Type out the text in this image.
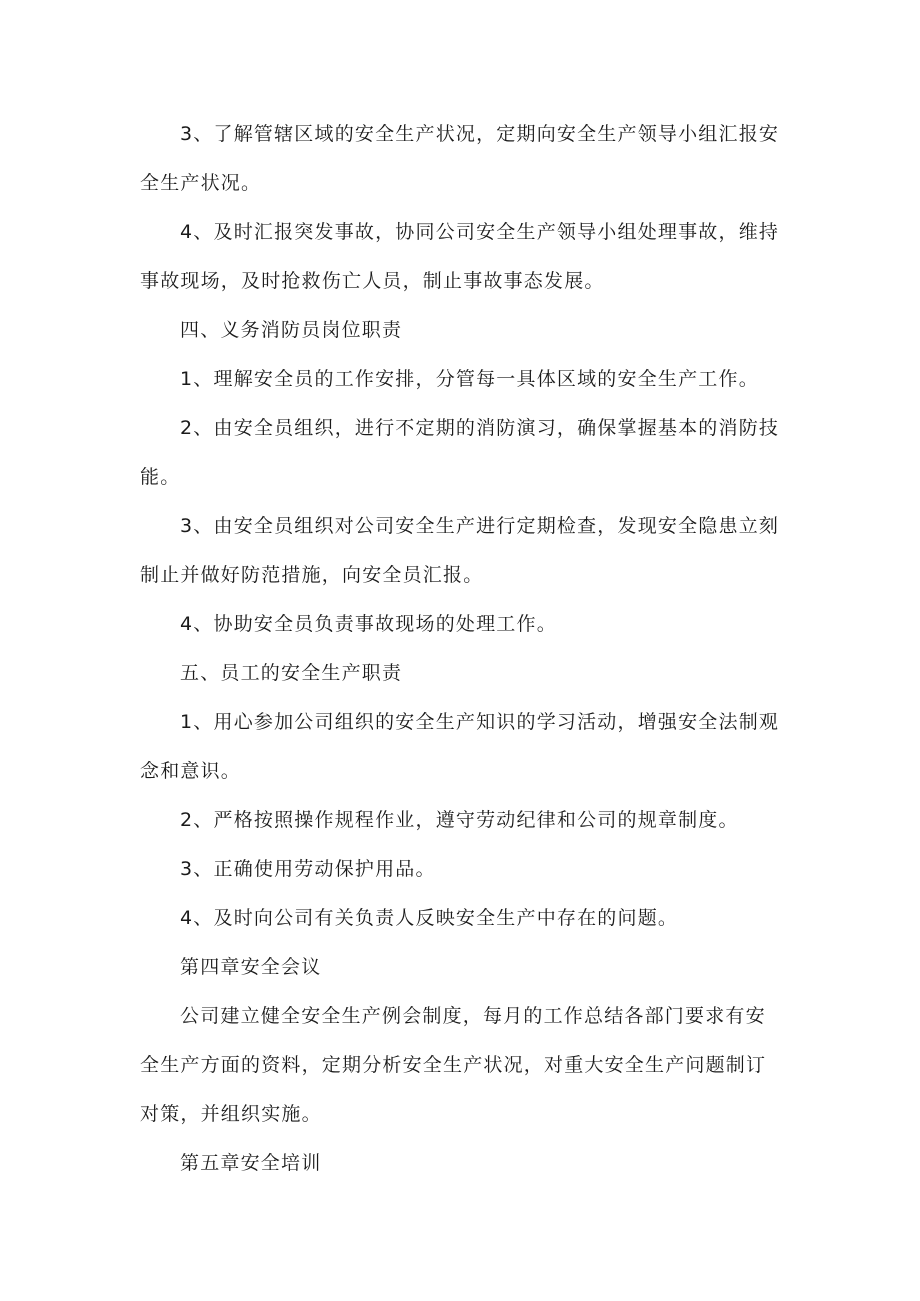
3、了解管辖区域的安全生产状况，定期向安全生产领导小组汇报安全生产状况。

4、及时汇报突发事故，协同公司安全生产领导小组处理事故，维持事故现场，及时抢救伤亡人员，制止事故事态发展。

四、义务消防员岗位职责

1、理解安全员的工作安排，分管每一具体区域的安全生产工作。

2、由安全员组织，进行不定期的消防演习，确保掌握基本的消防技能。

3、由安全员组织对公司安全生产进行定期检查，发现安全隐患立刻制止并做好防范措施，向安全员汇报。

4、协助安全员负责事故现场的处理工作。

五、员工的安全生产职责

1、用心参加公司组织的安全生产知识的学习活动，增强安全法制观念和意识。

2、严格按照操作规程作业，遵守劳动纪律和公司的规章制度。

3、正确使用劳动保护用品。

4、及时向公司有关负责人反映安全生产中存在的问题。

第四章安全会议

公司建立健全安全生产例会制度，每月的工作总结各部门要求有安全生产方面的资料，定期分析安全生产状况，对重大安全生产问题制订对策，并组织实施。

第五章安全培训
